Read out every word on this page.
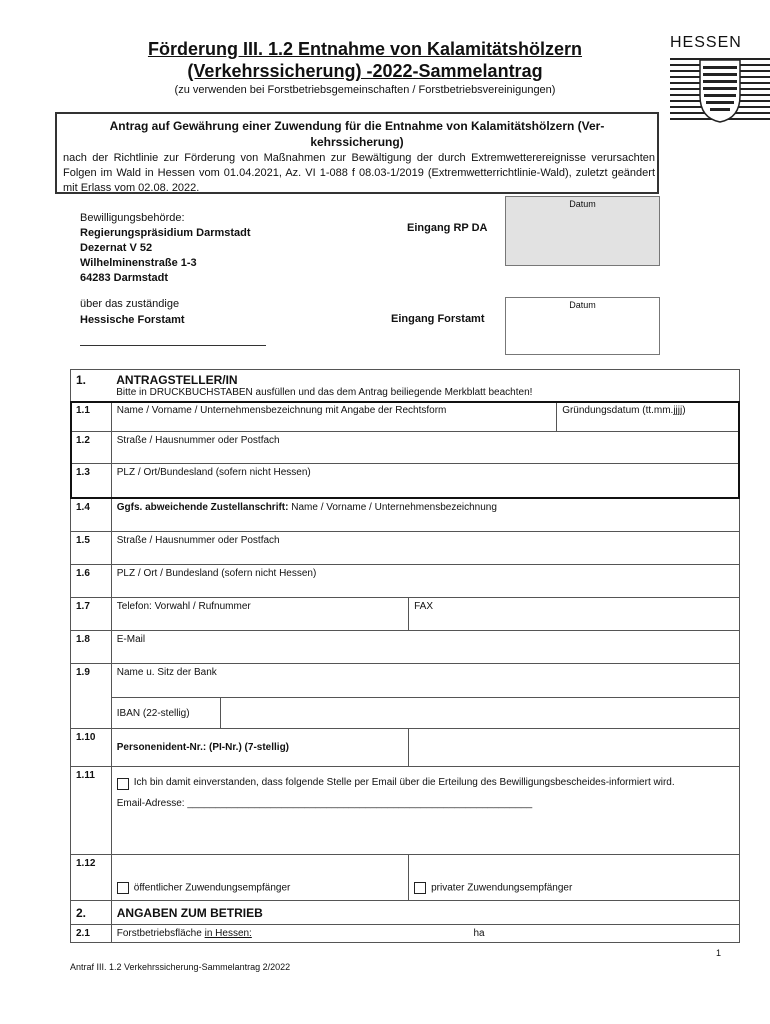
Förderung III. 1.2 Entnahme von Kalamitätshölzern
(Verkehrssicherung) -2022-Sammelantrag
(zu verwenden bei Forstbetriebsgemeinschaften / Forstbetriebsvereinigungen)
HESSEN
Antrag auf Gewährung einer Zuwendung für die Entnahme von Kalamitätshölzern (Ver-
kehrssicherung)
nach der Richtlinie zur Förderung von Maßnahmen zur Bewältigung der durch Extremwetterereignisse verursachten Folgen im Wald in Hessen vom 01.04.2021, Az. VI 1-088 f 08.03-1/2019 (Extremwetterrichtlinie-Wald), zuletzt geändert mit Erlass vom 02.08. 2022.
Bewilligungsbehörde:
Regierungspräsidium Darmstadt
Dezernat V 52
Wilhelminenstraße 1-3
64283 Darmstadt
Eingang RP DA
Datum
über das zuständige
Hessische Forstamt	Eingang Forstamt
Datum
1.	ANTRAGSTELLER/IN
Bitte in DRUCKBUCHSTABEN ausfüllen und das dem Antrag beiliegende Merkblatt beachten!			

1.1	Name / Vorname / Unternehmensbezeichnung mit Angabe der Rechtsform			Gründungsdatum (tt.mm.jjjj)
1.2	Straße / Hausnummer oder Postfach			
1.3	PLZ / Ort/Bundesland (sofern nicht Hessen)			
1.4	Ggfs. abweichende Zustellanschrift: Name / Vorname / Unternehmensbezeichnung			
1.5	Straße / Hausnummer oder Postfach			
1.6	PLZ / Ort / Bundesland (sofern nicht Hessen)			
1.7	Telefon: Vorwahl / Rufnummer		FAX	
1.8	E-Mail			
1.9	Name u. Sitz der Bank			
	IBAN (22-stellig)			
1.10	Personenident-Nr.: (PI-Nr.) (7-stellig)			
1.11	Ich bin damit einverstanden, dass folgende Stelle per Email über die Erteilung des Bewilligungsbescheides-informiert wird.
Email-Adresse: ______________________________________________________________			

1.12	öffentlicher Zuwendungsempfänger		privater Zuwendungsempfänger	
2.	ANGABEN ZUM BETRIEB			
2.1	Forstbetriebsfläche in Hessen: ha			
Antraf III. 1.2 Verkehrssicherung-Sammelantrag 2/2022
1
